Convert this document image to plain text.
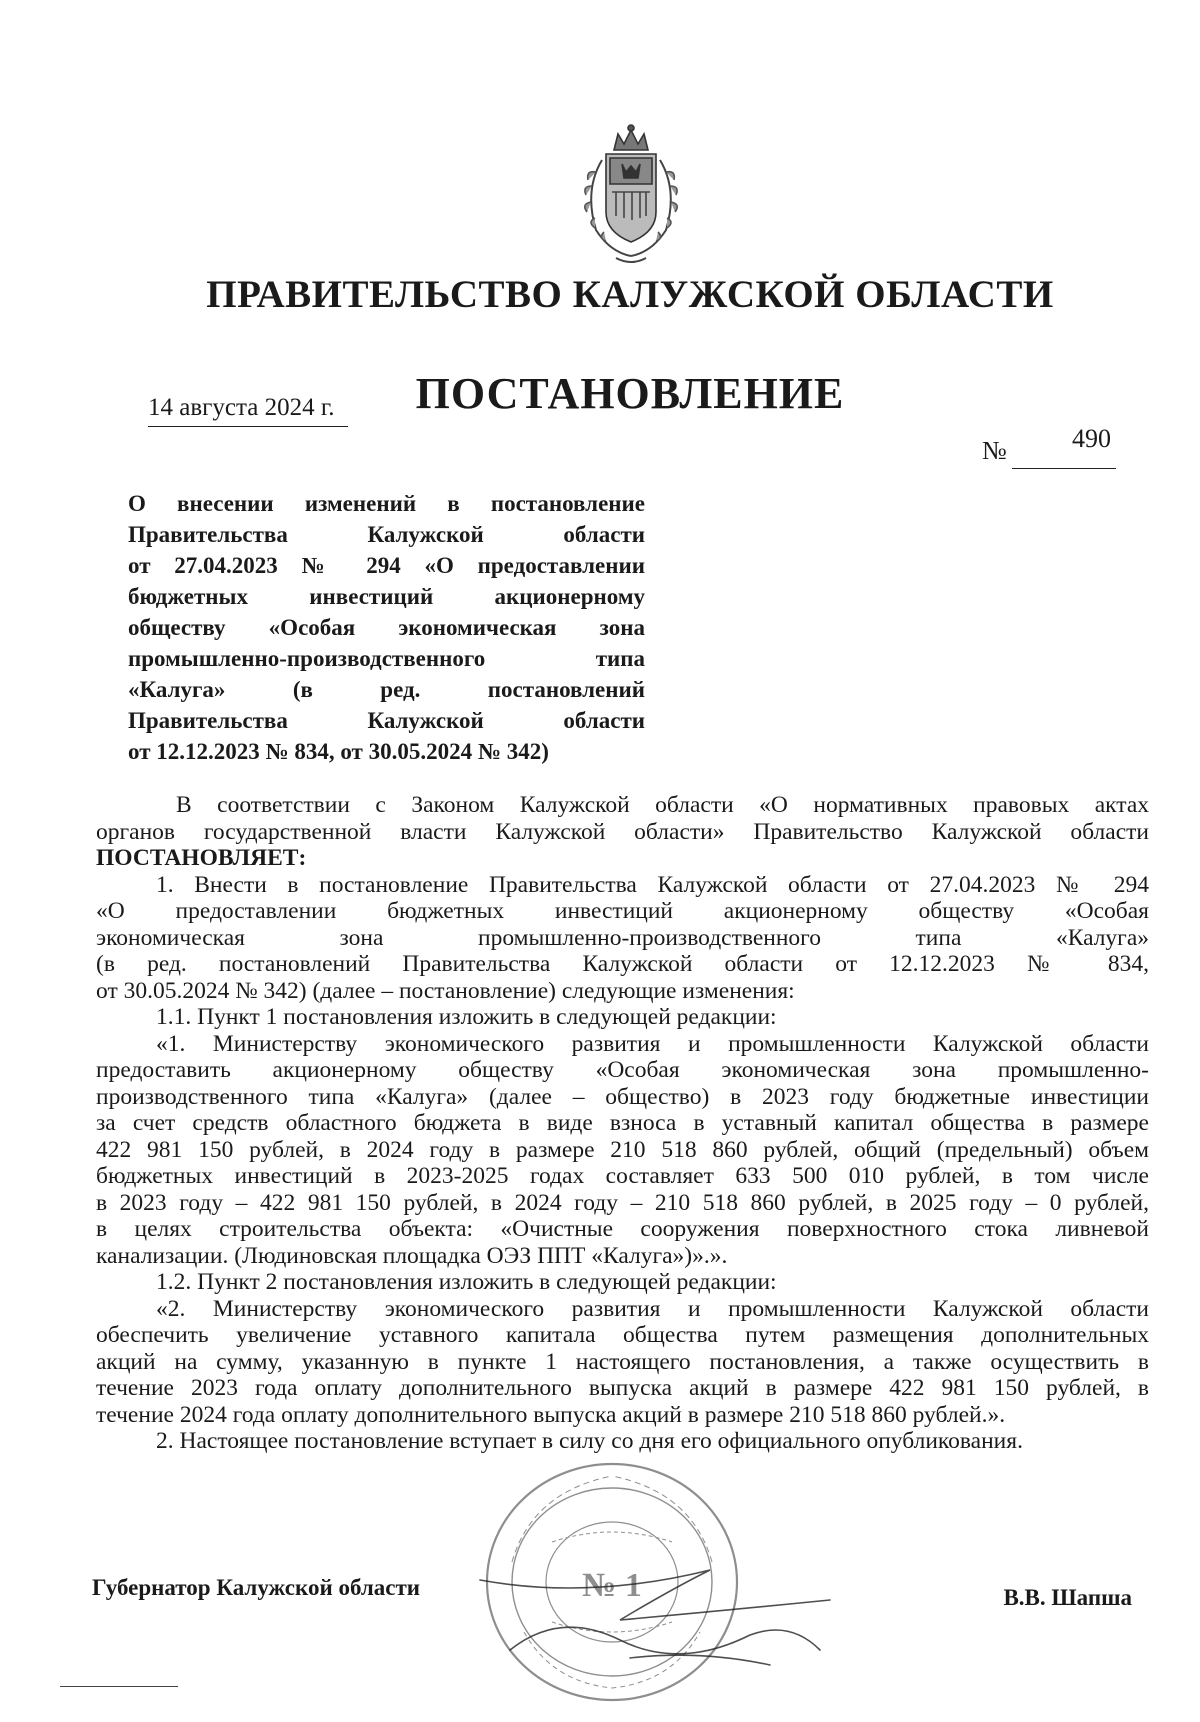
ПРАВИТЕЛЬСТВО КАЛУЖСКОЙ ОБЛАСТИ
ПОСТАНОВЛЕНИЕ
14 августа 2024 г.
№	490
О внесении изменений в постановление
Правительства Калужской области
от 27.04.2023 № 294 «О предоставлении
бюджетных инвестиций акционерному
обществу «Особая экономическая зона
промышленно-производственного типа
«Калуга» (в ред. постановлений
Правительства Калужской области
от 12.12.2023 № 834, от 30.05.2024 № 342)
В соответствии с Законом Калужской области «О нормативных правовых актах
органов государственной власти Калужской области» Правительство Калужской области
ПОСТАНОВЛЯЕТ:
1. Внести в постановление Правительства Калужской области от 27.04.2023 № 294
«О предоставлении бюджетных инвестиций акционерному обществу «Особая
экономическая зона промышленно-производственного типа «Калуга»
(в ред. постановлений Правительства Калужской области от 12.12.2023 № 834,
от 30.05.2024 № 342) (далее – постановление) следующие изменения:
1.1. Пункт 1 постановления изложить в следующей редакции:
«1. Министерству экономического развития и промышленности Калужской области
предоставить акционерному обществу «Особая экономическая зона промышленно-
производственного типа «Калуга» (далее – общество) в 2023 году бюджетные инвестиции
за счет средств областного бюджета в виде взноса в уставный капитал общества в размере
422 981 150 рублей, в 2024 году в размере 210 518 860 рублей, общий (предельный) объем
бюджетных инвестиций в 2023-2025 годах составляет 633 500 010 рублей, в том числе
в 2023 году – 422 981 150 рублей, в 2024 году – 210 518 860 рублей, в 2025 году – 0 рублей,
в целях строительства объекта: «Очистные сооружения поверхностного стока ливневой
канализации. (Людиновская площадка ОЭЗ ППТ «Калуга»)».».
1.2. Пункт 2 постановления изложить в следующей редакции:
«2. Министерству экономического развития и промышленности Калужской области
обеспечить увеличение уставного капитала общества путем размещения дополнительных
акций на сумму, указанную в пункте 1 настоящего постановления, а также осуществить в
течение 2023 года оплату дополнительного выпуска акций в размере 422 981 150 рублей, в
течение 2024 года оплату дополнительного выпуска акций в размере 210 518 860 рублей.».
2. Настоящее постановление вступает в силу со дня его официального опубликования.
№ 1
Губернатор Калужской области	В.В. Шапша
